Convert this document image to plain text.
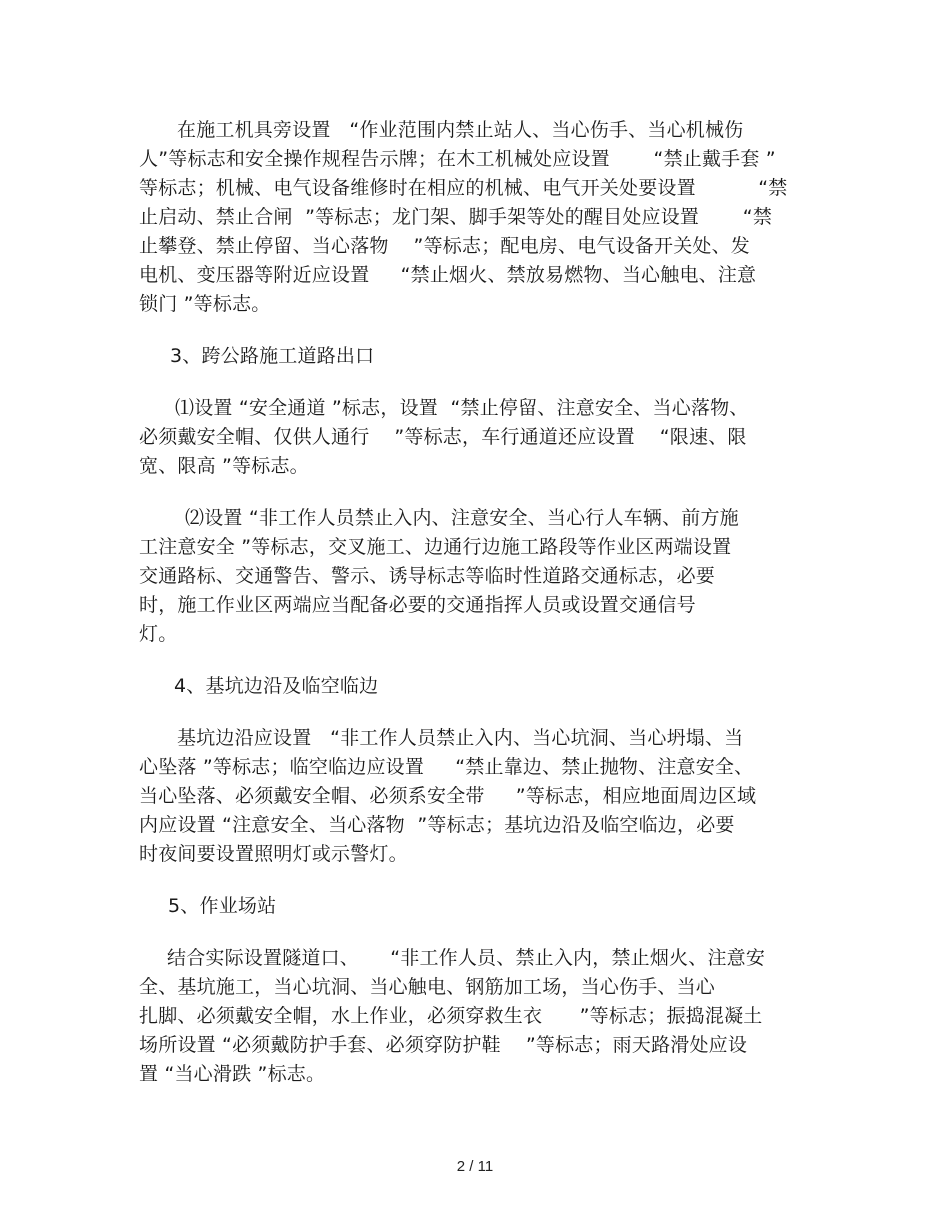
在施工机具旁设置   “作业范围内禁止站人、当心伤手、当心机械伤
人”等标志和安全操作规程告示牌；在木工机械处应设置       “禁止戴手套 ”
等标志；机械、电气设备维修时在相应的机械、电气开关处要设置          “禁
止启动、禁止合闸  ”等标志；龙门架、脚手架等处的醒目处应设置       “禁
止攀登、禁止停留、当心落物    ”等标志；配电房、电气设备开关处、发
电机、变压器等附近应设置     “禁止烟火、禁放易燃物、当心触电、注意
锁门 ”等标志。
3、跨公路施工道路出口
⑴设置 “安全通道 ”标志，设置  “禁止停留、注意安全、当心落物、
必须戴安全帽、仅供人通行    ”等标志，车行通道还应设置    “限速、限
宽、限高 ”等标志。
⑵设置 “非工作人员禁止入内、注意安全、当心行人车辆、前方施
工注意安全 ”等标志，交叉施工、边通行边施工路段等作业区两端设置
交通路标、交通警告、警示、诱导标志等临时性道路交通标志，必要
时，施工作业区两端应当配备必要的交通指挥人员或设置交通信号
灯。
4、基坑边沿及临空临边
基坑边沿应设置   “非工作人员禁止入内、当心坑洞、当心坍塌、当
心坠落 ”等标志；临空临边应设置     “禁止靠边、禁止抛物、注意安全、
当心坠落、必须戴安全帽、必须系安全带     ”等标志，相应地面周边区域
内应设置 “注意安全、当心落物  ”等标志；基坑边沿及临空临边，必要
时夜间要设置照明灯或示警灯。
5、作业场站
结合实际设置隧道口、     “非工作人员、禁止入内，禁止烟火、注意安
全、基坑施工，当心坑洞、当心触电、钢筋加工场，当心伤手、当心
扎脚、必须戴安全帽，水上作业，必须穿救生衣      ”等标志；振捣混凝土
场所设置 “必须戴防护手套、必须穿防护鞋    ”等标志；雨天路滑处应设
置 “当心滑跌 ”标志。
2 / 11
